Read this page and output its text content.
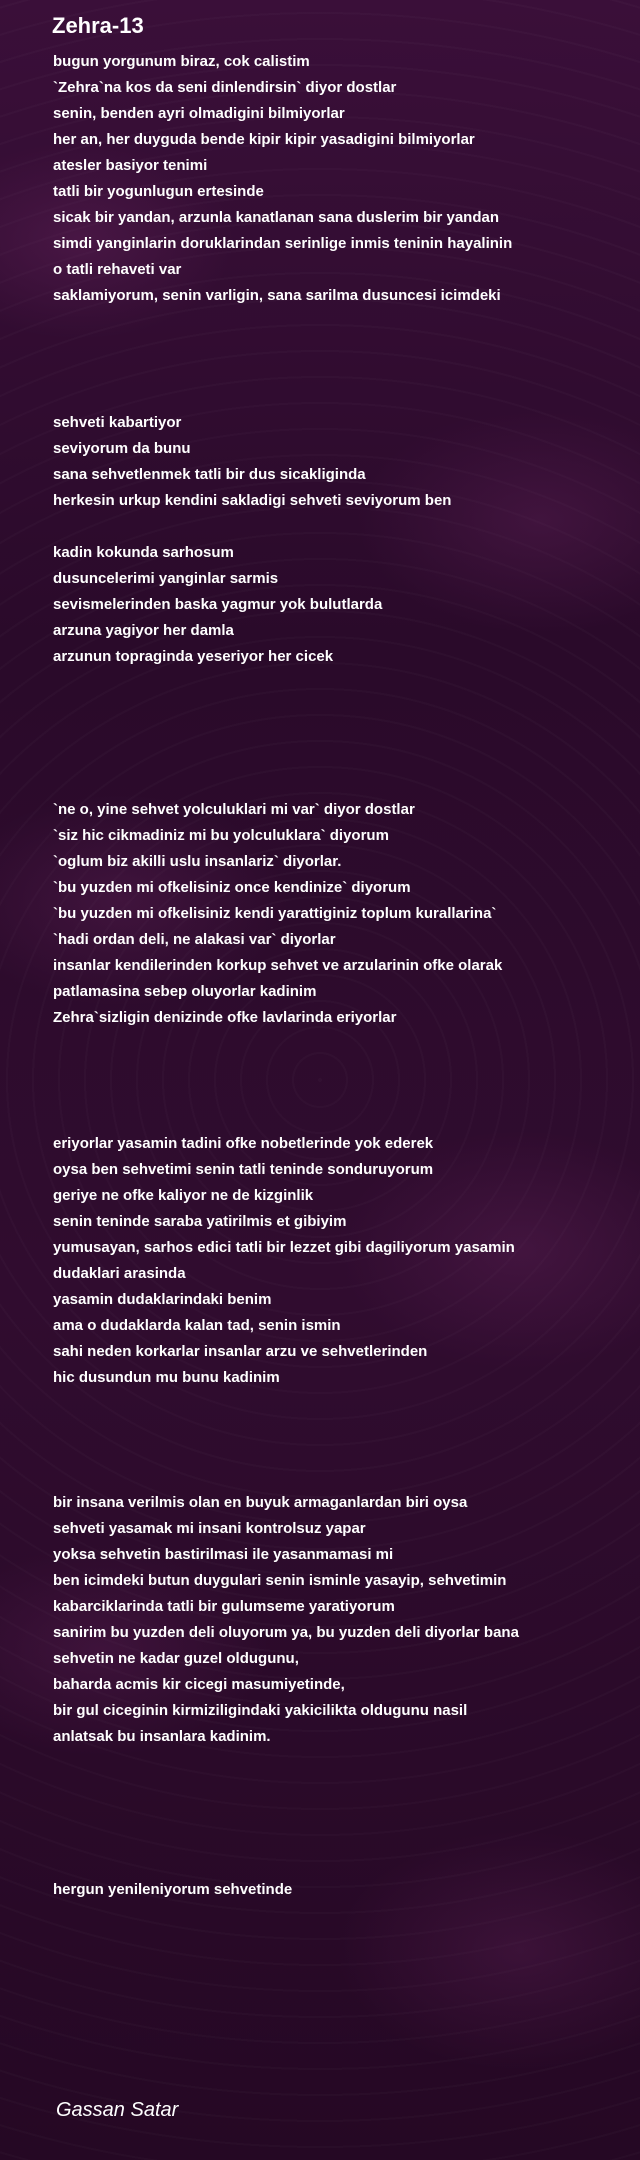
Zehra-13
bugun yorgunum biraz, cok calistim
`Zehra`na kos da seni dinlendirsin` diyor dostlar
senin, benden ayri olmadigini bilmiyorlar
her an, her duyguda bende kipir kipir yasadigini bilmiyorlar
atesler basiyor tenimi
tatli bir yogunlugun ertesinde
sicak bir yandan, arzunla kanatlanan sana duslerim bir yandan
simdi yanginlarin doruklarindan serinlige inmis teninin hayalinin
o tatli rehaveti var
saklamiyorum, senin varligin, sana sarilma dusuncesi icimdeki
sehveti kabartiyor
seviyorum da bunu
sana sehvetlenmek tatli bir dus sicakliginda
herkesin urkup kendini sakladigi sehveti seviyorum ben
kadin kokunda sarhosum
dusuncelerimi yanginlar sarmis
sevismelerinden baska yagmur yok bulutlarda
arzuna yagiyor her damla
arzunun topraginda yeseriyor her cicek
`ne o, yine sehvet yolculuklari mi var` diyor dostlar
`siz hic cikmadiniz mi bu yolculuklara` diyorum
`oglum biz akilli uslu insanlariz` diyorlar.
`bu yuzden mi ofkelisiniz once kendinize` diyorum
`bu yuzden mi ofkelisiniz kendi yarattiginiz toplum kurallarina`
`hadi ordan deli, ne alakasi var` diyorlar
insanlar kendilerinden korkup sehvet ve arzularinin ofke olarak
patlamasina sebep oluyorlar kadinim
Zehra`sizligin denizinde ofke lavlarinda eriyorlar
eriyorlar yasamin tadini ofke nobetlerinde yok ederek
oysa ben sehvetimi senin tatli teninde sonduruyorum
geriye ne ofke kaliyor ne de kizginlik
senin teninde saraba yatirilmis et gibiyim
yumusayan, sarhos edici tatli bir lezzet gibi dagiliyorum yasamin
dudaklari arasinda
yasamin dudaklarindaki benim
ama o dudaklarda kalan tad, senin ismin
sahi neden korkarlar insanlar arzu ve sehvetlerinden
hic dusundun mu bunu kadinim
bir insana verilmis olan en buyuk armaganlardan biri oysa
sehveti yasamak mi insani kontrolsuz yapar
yoksa sehvetin bastirilmasi ile yasanmamasi mi
ben icimdeki butun duygulari senin isminle yasayip, sehvetimin
kabarciklarinda tatli bir gulumseme yaratiyorum
sanirim bu yuzden deli oluyorum ya, bu yuzden deli diyorlar bana
sehvetin ne kadar guzel oldugunu,
baharda acmis kir cicegi masumiyetinde,
bir gul ciceginin kirmiziligindaki yakicilikta oldugunu nasil
anlatsak bu insanlara kadinim.
hergun yenileniyorum sehvetinde
Gassan Satar
